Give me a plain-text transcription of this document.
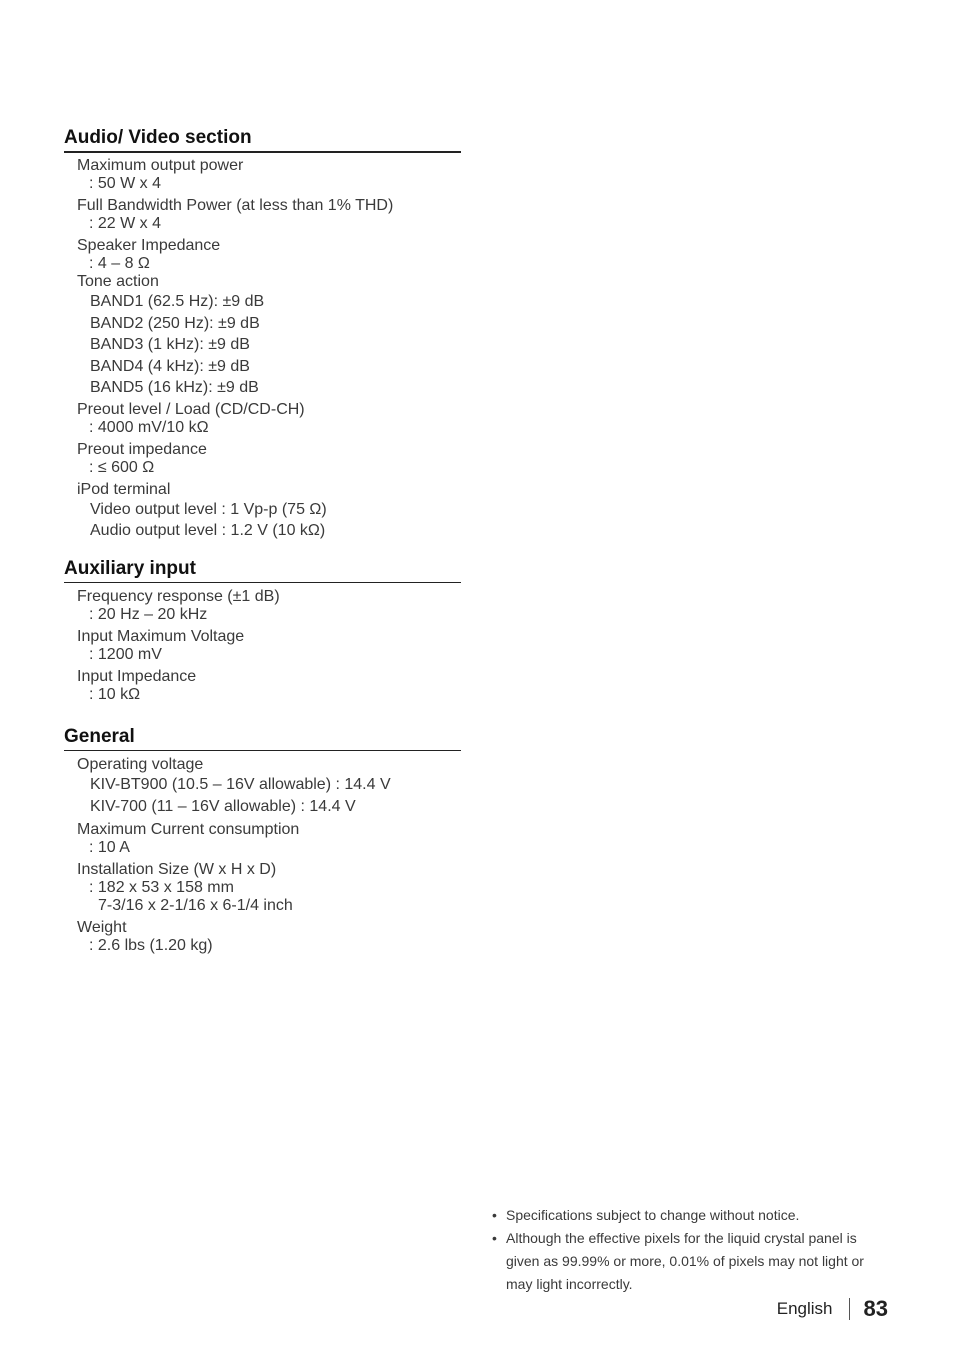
Audio/ Video section
Maximum output power
: 50 W x 4
Full Bandwidth Power (at less than 1% THD)
: 22 W x 4
Speaker Impedance
: 4 – 8 Ω
Tone action
BAND1 (62.5 Hz): ±9 dB
BAND2 (250 Hz): ±9 dB
BAND3 (1 kHz): ±9 dB
BAND4 (4 kHz): ±9 dB
BAND5 (16 kHz): ±9 dB
Preout level / Load (CD/CD-CH)
: 4000 mV/10 kΩ
Preout impedance
: ≤ 600 Ω
iPod terminal
Video output level : 1 Vp-p (75 Ω)
Audio output level : 1.2 V (10 kΩ)
Auxiliary input
Frequency response (±1 dB)
: 20 Hz – 20 kHz
Input Maximum Voltage
: 1200 mV
Input Impedance
: 10 kΩ
General
Operating voltage
KIV-BT900 (10.5 – 16V allowable) : 14.4 V
KIV-700 (11 – 16V allowable) : 14.4 V
Maximum Current consumption
: 10 A
Installation Size (W x H x D)
: 182 x 53 x 158 mm
7-3/16 x 2-1/16 x 6-1/4 inch
Weight
: 2.6 lbs (1.20 kg)
• Specifications subject to change without notice.
• Although the effective pixels for the liquid crystal panel is given as 99.99% or more, 0.01% of pixels may not light or may light incorrectly.
English 83
